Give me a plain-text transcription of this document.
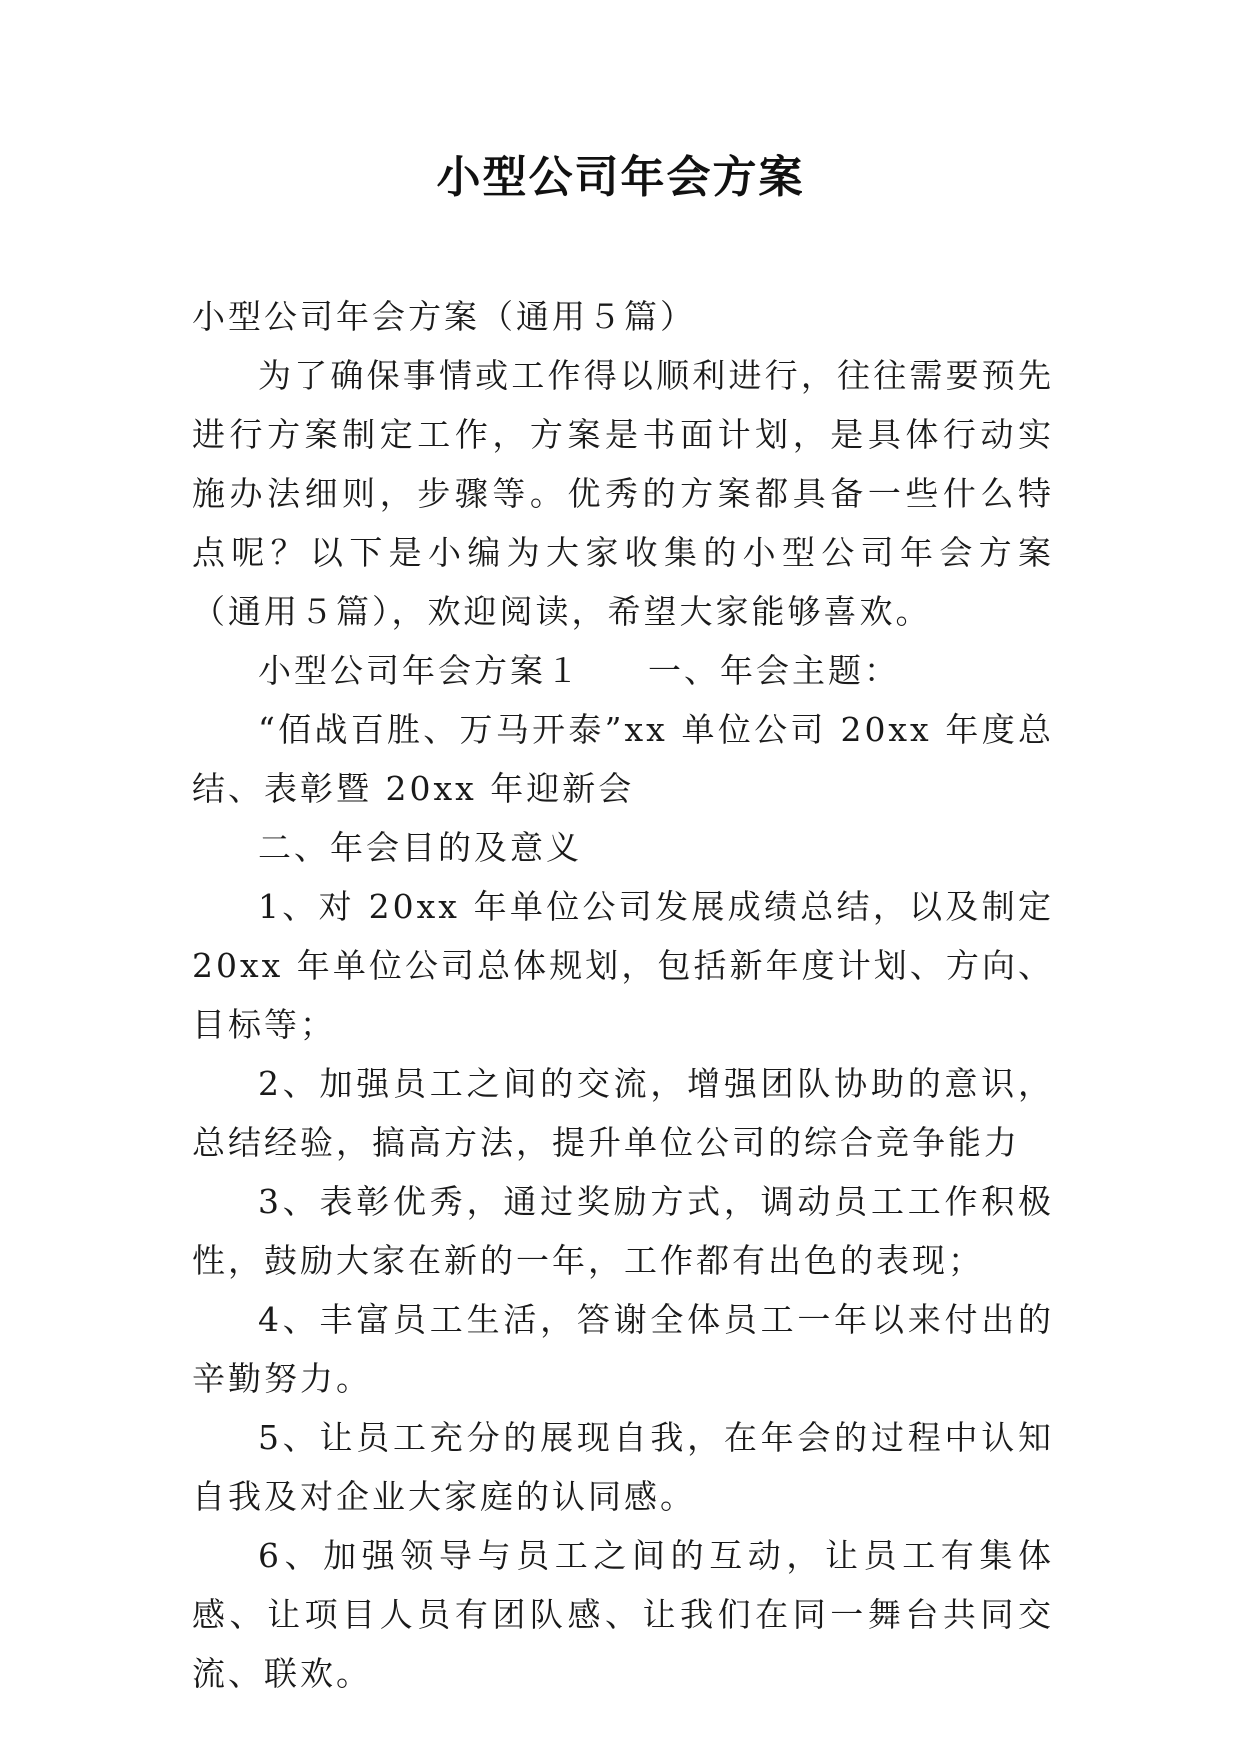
小型公司年会方案

小型公司年会方案（通用５篇）

为了确保事情或工作得以顺利进行，往往需要预先进行方案制定工作，方案是书面计划，是具体行动实施办法细则，步骤等。优秀的方案都具备一些什么特点呢？以下是小编为大家收集的小型公司年会方案（通用５篇），欢迎阅读，希望大家能够喜欢。

小型公司年会方案１ 一、年会主题：

“佰战百胜、万马开泰”xx 单位公司 20xx 年度总结、表彰暨 20xx 年迎新会

二、年会目的及意义

1、对 20xx 年单位公司发展成绩总结，以及制定 20xx 年单位公司总体规划，包括新年度计划、方向、目标等；

2、加强员工之间的交流，增强团队协助的意识，总结经验，搞高方法，提升单位公司的综合竞争能力

3、表彰优秀，通过奖励方式，调动员工工作积极性，鼓励大家在新的一年，工作都有出色的表现；

4、丰富员工生活，答谢全体员工一年以来付出的辛勤努力。

5、让员工充分的展现自我，在年会的过程中认知自我及对企业大家庭的认同感。

6、加强领导与员工之间的互动，让员工有集体感、让项目人员有团队感、让我们在同一舞台共同交流、联欢。
